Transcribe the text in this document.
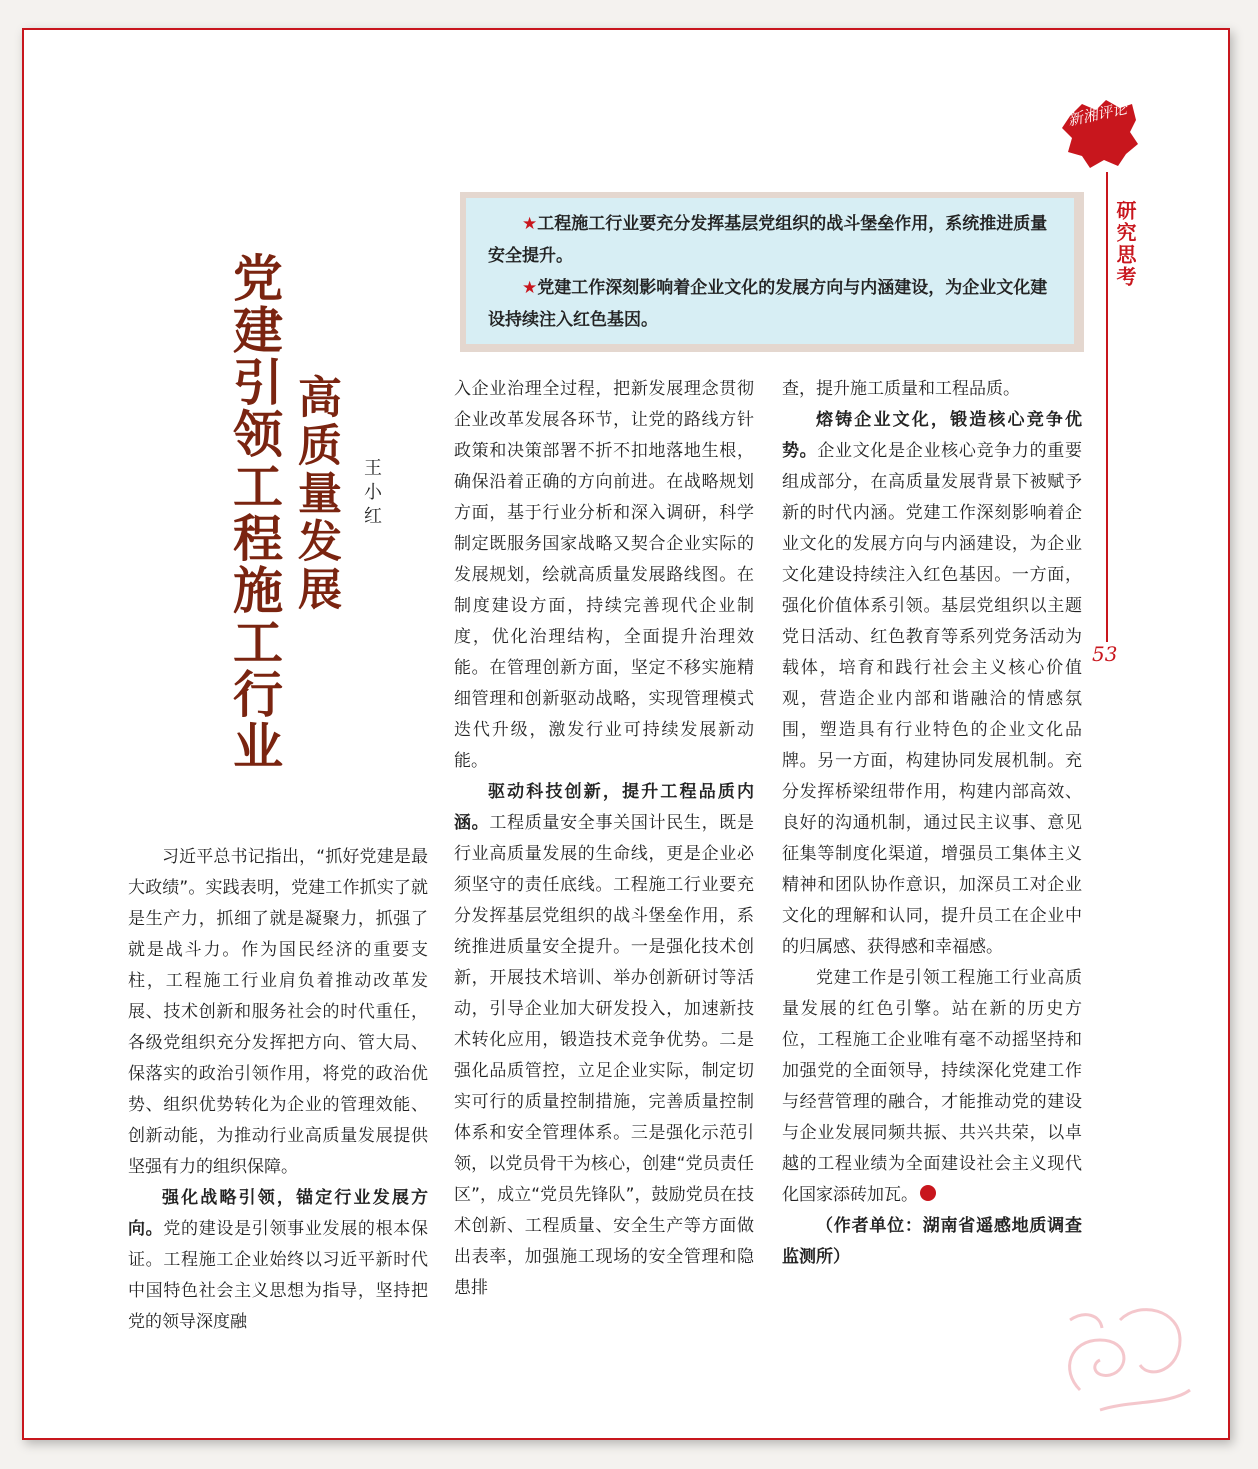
新湘评论
研究思考
53

★工程施工行业要充分发挥基层党组织的战斗堡垒作用，系统推进质量安全提升。

★党建工作深刻影响着企业文化的发展方向与内涵建设，为企业文化建设持续注入红色基因。

党建引领工程施工行业 高质量发展 王小红

习近平总书记指出，“抓好党建是最大政绩”。实践表明，党建工作抓实了就是生产力，抓细了就是凝聚力，抓强了就是战斗力。作为国民经济的重要支柱，工程施工行业肩负着推动改革发展、技术创新和服务社会的时代重任，各级党组织充分发挥把方向、管大局、保落实的政治引领作用，将党的政治优势、组织优势转化为企业的管理效能、创新动能，为推动行业高质量发展提供坚强有力的组织保障。

强化战略引领，锚定行业发展方向。党的建设是引领事业发展的根本保证。工程施工企业始终以习近平新时代中国特色社会主义思想为指导，坚持把党的领导深度融

入企业治理全过程，把新发展理念贯彻企业改革发展各环节，让党的路线方针政策和决策部署不折不扣地落地生根，确保沿着正确的方向前进。在战略规划方面，基于行业分析和深入调研，科学制定既服务国家战略又契合企业实际的发展规划，绘就高质量发展路线图。在制度建设方面，持续完善现代企业制度，优化治理结构，全面提升治理效能。在管理创新方面，坚定不移实施精细管理和创新驱动战略，实现管理模式迭代升级，激发行业可持续发展新动能。

驱动科技创新，提升工程品质内涵。工程质量安全事关国计民生，既是行业高质量发展的生命线，更是企业必须坚守的责任底线。工程施工行业要充分发挥基层党组织的战斗堡垒作用，系统推进质量安全提升。一是强化技术创新，开展技术培训、举办创新研讨等活动，引导企业加大研发投入，加速新技术转化应用，锻造技术竞争优势。二是强化品质管控，立足企业实际，制定切实可行的质量控制措施，完善质量控制体系和安全管理体系。三是强化示范引领，以党员骨干为核心，创建“党员责任区”，成立“党员先锋队”，鼓励党员在技术创新、工程质量、安全生产等方面做出表率，加强施工现场的安全管理和隐患排

查，提升施工质量和工程品质。

熔铸企业文化，锻造核心竞争优势。企业文化是企业核心竞争力的重要组成部分，在高质量发展背景下被赋予新的时代内涵。党建工作深刻影响着企业文化的发展方向与内涵建设，为企业文化建设持续注入红色基因。一方面，强化价值体系引领。基层党组织以主题党日活动、红色教育等系列党务活动为载体，培育和践行社会主义核心价值观，营造企业内部和谐融洽的情感氛围，塑造具有行业特色的企业文化品牌。另一方面，构建协同发展机制。充分发挥桥梁纽带作用，构建内部高效、良好的沟通机制，通过民主议事、意见征集等制度化渠道，增强员工集体主义精神和团队协作意识，加深员工对企业文化的理解和认同，提升员工在企业中的归属感、获得感和幸福感。

党建工作是引领工程施工行业高质量发展的红色引擎。站在新的历史方位，工程施工企业唯有毫不动摇坚持和加强党的全面领导，持续深化党建工作与经营管理的融合，才能推动党的建设与企业发展同频共振、共兴共荣，以卓越的工程业绩为全面建设社会主义现代化国家添砖加瓦。

（作者单位：湖南省遥感地质调查监测所）
